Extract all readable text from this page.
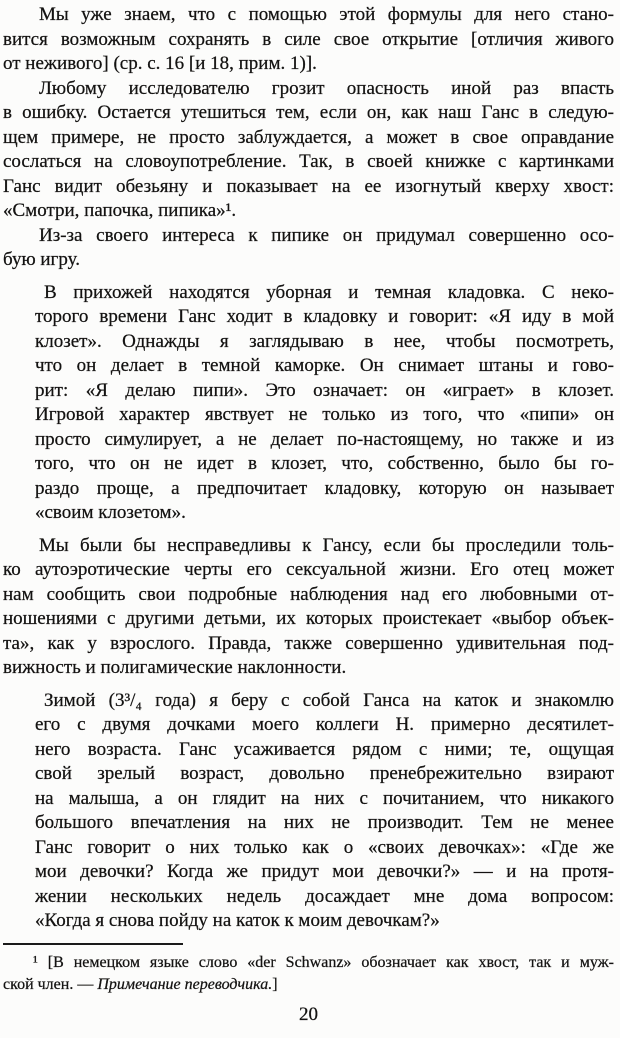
Мы уже знаем, что с помощью этой формулы для него стано-
вится возможным сохранять в силе свое открытие [отличия живого
от неживого] (ср. с. 16 [и 18, прим. 1)].
Любому исследователю грозит опасность иной раз впасть
в ошибку. Остается утешиться тем, если он, как наш Ганс в следую-
щем примере, не просто заблуждается, а может в свое оправдание
сослаться на словоупотребление. Так, в своей книжке с картинками
Ганс видит обезьяну и показывает на ее изогнутый кверху хвост:
«Смотри, папочка, пипика»¹.
Из-за своего интереса к пипике он придумал совершенно осо-
бую игру.
В прихожей находятся уборная и темная кладовка. С неко-
торого времени Ганс ходит в кладовку и говорит: «Я иду в мой
клозет». Однажды я заглядываю в нее, чтобы посмотреть,
что он делает в темной каморке. Он снимает штаны и гово-
рит: «Я делаю пипи». Это означает: он «играет» в клозет.
Игровой характер явствует не только из того, что «пипи» он
просто симулирует, а не делает по-настоящему, но также и из
того, что он не идет в клозет, что, собственно, было бы го-
раздо проще, а предпочитает кладовку, которую он называет
«своим клозетом».
Мы были бы несправедливы к Гансу, если бы проследили толь-
ко аутоэротические черты его сексуальной жизни. Его отец может
нам сообщить свои подробные наблюдения над его любовными от-
ношениями с другими детьми, их которых проистекает «выбор объек-
та», как у взрослого. Правда, также совершенно удивительная под-
вижность и полигамические наклонности.
Зимой (3³/₄ года) я беру с собой Ганса на каток и знакомлю
его с двумя дочками моего коллеги Н. примерно десятилет-
него возраста. Ганс усаживается рядом с ними; те, ощущая
свой зрелый возраст, довольно пренебрежительно взирают
на малыша, а он глядит на них с почитанием, что никакого
большого впечатления на них не производит. Тем не менее
Ганс говорит о них только как о «своих девочках»: «Где же
мои девочки? Когда же придут мои девочки?» — и на протя-
жении нескольких недель досаждает мне дома вопросом:
«Когда я снова пойду на каток к моим девочкам?»
¹ [В немецком языке слово «der Schwanz» обозначает как хвост, так и муж-
ской член. — Примечание переводчика.]
20
